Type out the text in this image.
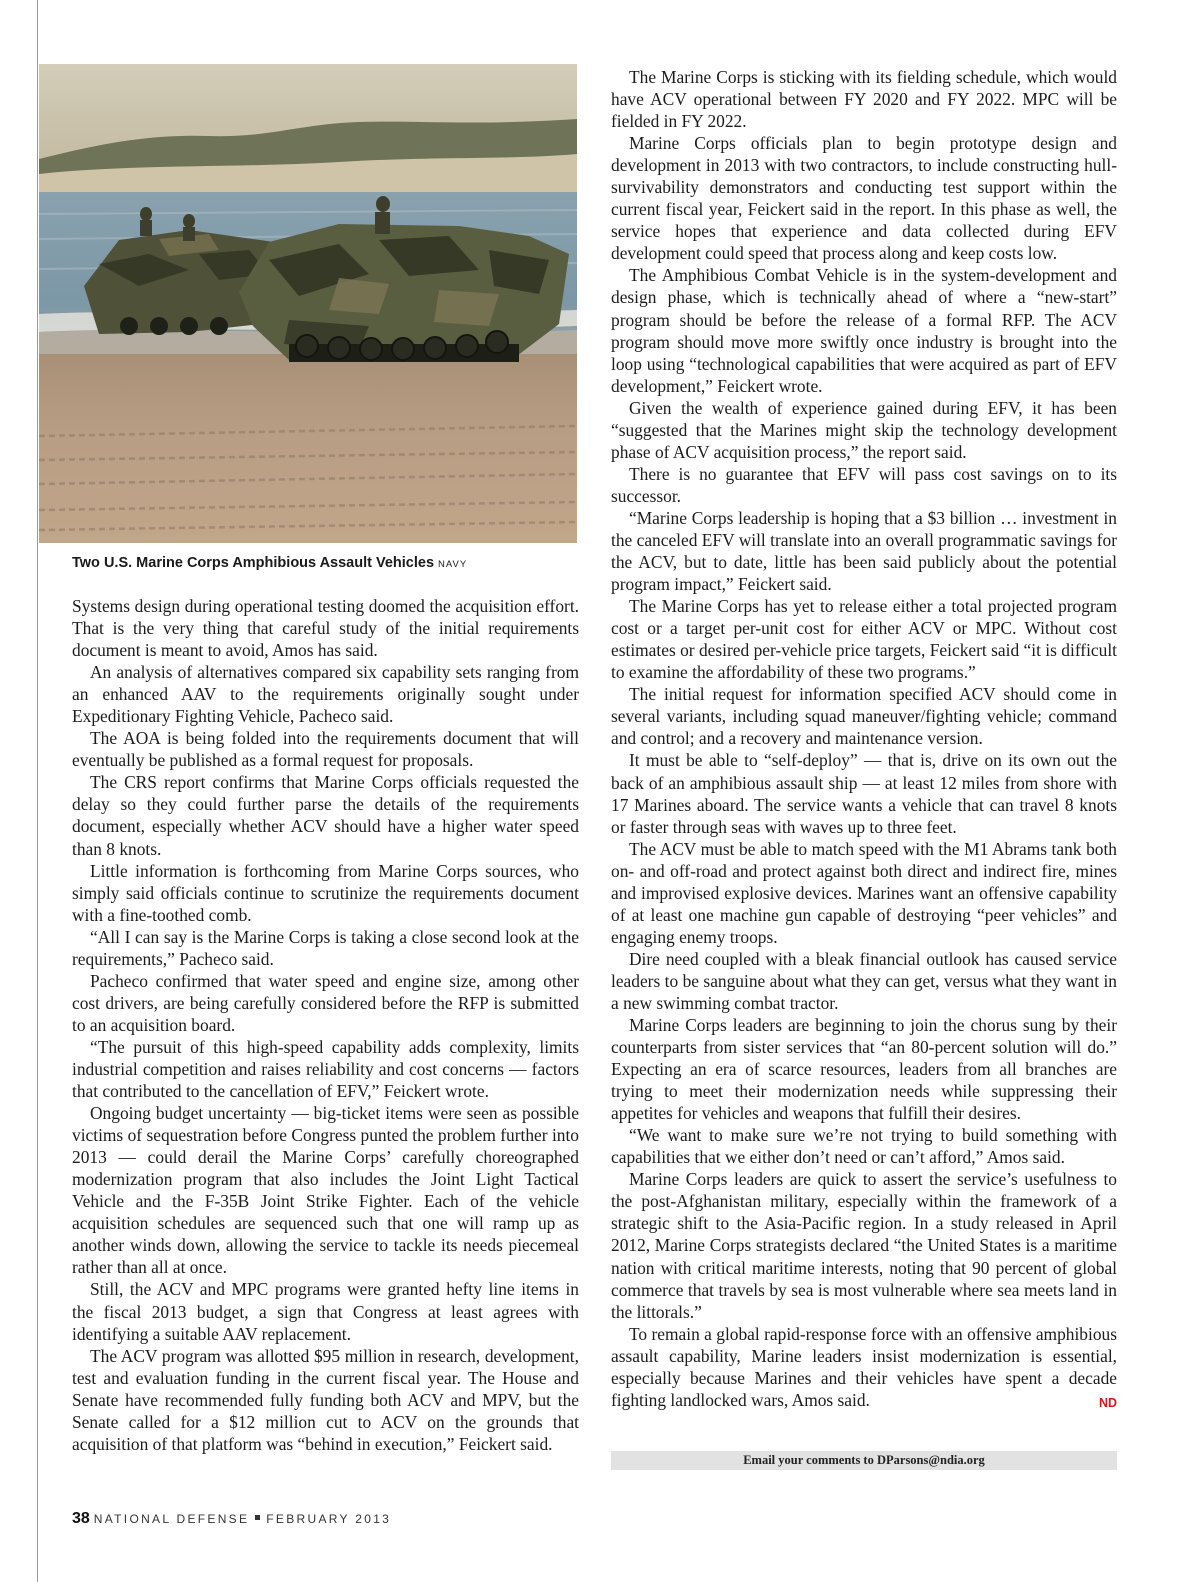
Two U.S. Marine Corps Amphibious Assault Vehicles NAVY

Systems design during operational testing doomed the acquisition effort. That is the very thing that careful study of the initial requirements document is meant to avoid, Amos has said.

An analysis of alternatives compared six capability sets ranging from an enhanced AAV to the requirements originally sought under Expeditionary Fighting Vehicle, Pacheco said.

The AOA is being folded into the requirements document that will eventually be published as a formal request for proposals.

The CRS report confirms that Marine Corps officials requested the delay so they could further parse the details of the requirements document, especially whether ACV should have a higher water speed than 8 knots.

Little information is forthcoming from Marine Corps sources, who simply said officials continue to scrutinize the requirements document with a fine-toothed comb.

“All I can say is the Marine Corps is taking a close second look at the requirements,” Pacheco said.

Pacheco confirmed that water speed and engine size, among other cost drivers, are being carefully considered before the RFP is submitted to an acquisition board.

“The pursuit of this high-speed capability adds complexity, limits industrial competition and raises reliability and cost concerns — factors that contributed to the cancellation of EFV,” Feickert wrote.

Ongoing budget uncertainty — big-ticket items were seen as possible victims of sequestration before Congress punted the problem further into 2013 — could derail the Marine Corps’ carefully choreographed modernization program that also includes the Joint Light Tactical Vehicle and the F-35B Joint Strike Fighter. Each of the vehicle acquisition schedules are sequenced such that one will ramp up as another winds down, allowing the service to tackle its needs piecemeal rather than all at once.

Still, the ACV and MPC programs were granted hefty line items in the fiscal 2013 budget, a sign that Congress at least agrees with identifying a suitable AAV replacement.

The ACV program was allotted $95 million in research, development, test and evaluation funding in the current fiscal year. The House and Senate have recommended fully funding both ACV and MPV, but the Senate called for a $12 million cut to ACV on the grounds that acquisition of that platform was “behind in execution,” Feickert said.

The Marine Corps is sticking with its fielding schedule, which would have ACV operational between FY 2020 and FY 2022. MPC will be fielded in FY 2022.

Marine Corps officials plan to begin prototype design and development in 2013 with two contractors, to include constructing hull-survivability demonstrators and conducting test support within the current fiscal year, Feickert said in the report. In this phase as well, the service hopes that experience and data collected during EFV development could speed that process along and keep costs low.

The Amphibious Combat Vehicle is in the system-development and design phase, which is technically ahead of where a “new-start” program should be before the release of a formal RFP. The ACV program should move more swiftly once industry is brought into the loop using “technological capabilities that were acquired as part of EFV development,” Feickert wrote.

Given the wealth of experience gained during EFV, it has been “suggested that the Marines might skip the technology development phase of ACV acquisition process,” the report said.

There is no guarantee that EFV will pass cost savings on to its successor.

“Marine Corps leadership is hoping that a $3 billion … investment in the canceled EFV will translate into an overall programmatic savings for the ACV, but to date, little has been said publicly about the potential program impact,” Feickert said.

The Marine Corps has yet to release either a total projected program cost or a target per-unit cost for either ACV or MPC. Without cost estimates or desired per-vehicle price targets, Feickert said “it is difficult to examine the affordability of these two programs.”

The initial request for information specified ACV should come in several variants, including squad maneuver/fighting vehicle; command and control; and a recovery and maintenance version.

It must be able to “self-deploy” — that is, drive on its own out the back of an amphibious assault ship — at least 12 miles from shore with 17 Marines aboard. The service wants a vehicle that can travel 8 knots or faster through seas with waves up to three feet.

The ACV must be able to match speed with the M1 Abrams tank both on- and off-road and protect against both direct and indirect fire, mines and improvised explosive devices. Marines want an offensive capability of at least one machine gun capable of destroying “peer vehicles” and engaging enemy troops.

Dire need coupled with a bleak financial outlook has caused service leaders to be sanguine about what they can get, versus what they want in a new swimming combat tractor.

Marine Corps leaders are beginning to join the chorus sung by their counterparts from sister services that “an 80-percent solution will do.” Expecting an era of scarce resources, leaders from all branches are trying to meet their modernization needs while suppressing their appetites for vehicles and weapons that fulfill their desires.

“We want to make sure we’re not trying to build something with capabilities that we either don’t need or can’t afford,” Amos said.

Marine Corps leaders are quick to assert the service’s usefulness to the post-Afghanistan military, especially within the framework of a strategic shift to the Asia-Pacific region. In a study released in April 2012, Marine Corps strategists declared “the United States is a maritime nation with critical maritime interests, noting that 90 percent of global commerce that travels by sea is most vulnerable where sea meets land in the littorals.”

To remain a global rapid-response force with an offensive amphibious assault capability, Marine leaders insist modernization is essential, especially because Marines and their vehicles have spent a decade fighting landlocked wars, Amos said.	ND

Email your comments to DParsons@ndia.org
38 NATIONAL DEFENSE FEBRUARY 2013
